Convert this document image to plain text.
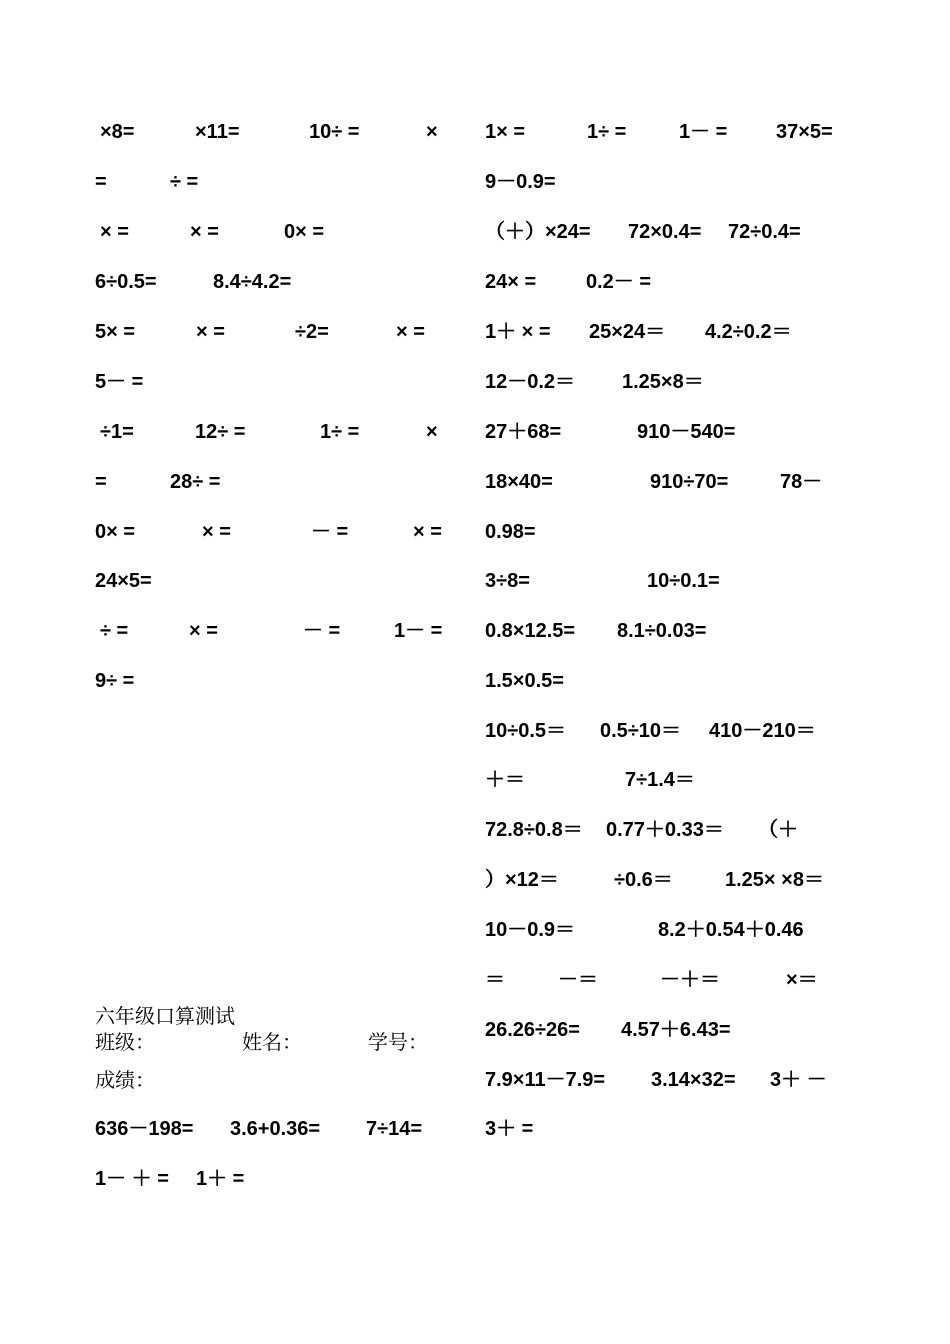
×8=	×11=	10÷ =	×
=	÷ =
× =	× =	0× =
6÷0.5=	8.4÷4.2=
5× =	× =	÷2=	× =
5－ =
÷1=	12÷ =	1÷ =	×
=	28÷ =
0× =	× =	－ =	× =
24×5=
÷ =	× =	－ =	1－ =
9÷ =
六年级口算测试
班级：	姓名：	学号：
成绩：
636－198= 3.6+0.36= 7÷14=
1－ ＋ = 1＋ =
1× =	1÷ =	1－ = 37×5=
9－0.9=
（＋）×24= 72×0.4= 72÷0.4=
24× = 0.2－ =
1＋ × = 25×24＝ 4.2÷0.2＝
12－0.2＝ 1.25×8＝
27＋68=	910－540=
18×40=	910÷70=	78－
0.98=
3÷8=	10÷0.1=
0.8×12.5= 8.1÷0.03=
1.5×0.5=
10÷0.5＝ 0.5÷10＝ 410－210＝
＋＝	7÷1.4＝
72.8÷0.8＝ 0.77＋0.33＝ （＋
）×12＝	÷0.6＝	1.25× ×8＝
10－0.9＝	8.2＋0.54＋0.46
＝	－＝	－＋＝	×＝
26.26÷26= 4.57＋6.43=
7.9×11－7.9= 3.14×32= 3＋ －
3＋ =
